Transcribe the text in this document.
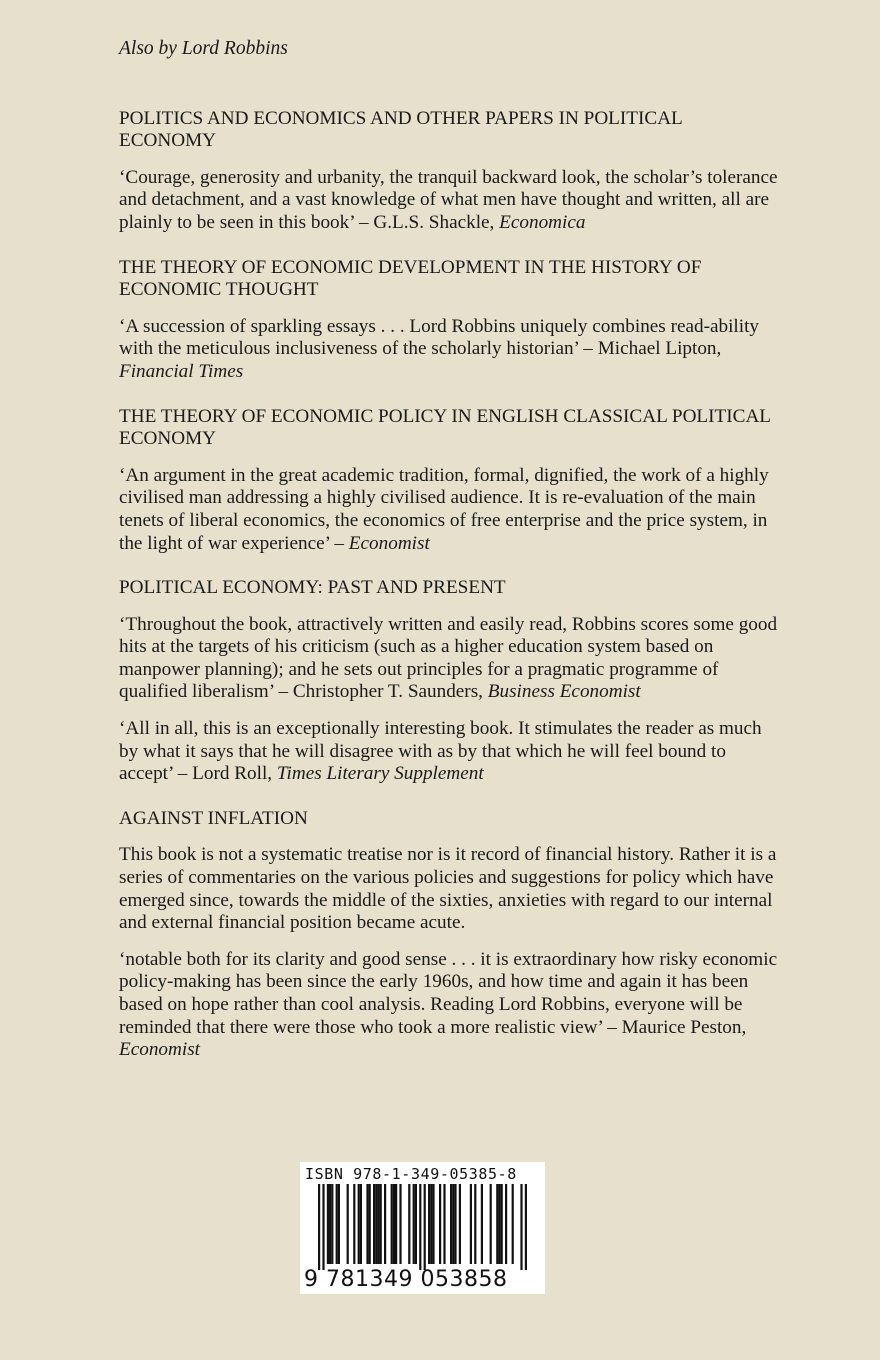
Also by Lord Robbins

POLITICS AND ECONOMICS AND OTHER PAPERS IN POLITICAL ECONOMY

‘Courage, generosity and urbanity, the tranquil backward look, the scholar’s tolerance and detachment, and a vast knowledge of what men have thought and written, all are plainly to be seen in this book’ – G.L.S. Shackle, Economica

THE THEORY OF ECONOMIC DEVELOPMENT IN THE HISTORY OF ECONOMIC THOUGHT

‘A succession of sparkling essays . . . Lord Robbins uniquely combines read-ability with the meticulous inclusiveness of the scholarly historian’ – Michael Lipton, Financial Times

THE THEORY OF ECONOMIC POLICY IN ENGLISH CLASSICAL POLITICAL ECONOMY

‘An argument in the great academic tradition, formal, dignified, the work of a highly civilised man addressing a highly civilised audience. It is re-evaluation of the main tenets of liberal economics, the economics of free enterprise and the price system, in the light of war experience’ – Economist

POLITICAL ECONOMY: PAST AND PRESENT

‘Throughout the book, attractively written and easily read, Robbins scores some good hits at the targets of his criticism (such as a higher education system based on manpower planning); and he sets out principles for a pragmatic programme of qualified liberalism’ – Christopher T. Saunders, Business Economist

‘All in all, this is an exceptionally interesting book. It stimulates the reader as much by what it says that he will disagree with as by that which he will feel bound to accept’ – Lord Roll, Times Literary Supplement

AGAINST INFLATION

This book is not a systematic treatise nor is it record of financial history. Rather it is a series of commentaries on the various policies and suggestions for policy which have emerged since, towards the middle of the sixties, anxieties with regard to our internal and external financial position became acute.

‘notable both for its clarity and good sense . . . it is extraordinary how risky economic policy-making has been since the early 1960s, and how time and again it has been based on hope rather than cool analysis. Reading Lord Robbins, everyone will be reminded that there were those who took a more realistic view’ – Maurice Peston, Economist

ISBN 978-1-349-05385-8
9 781349 053858
